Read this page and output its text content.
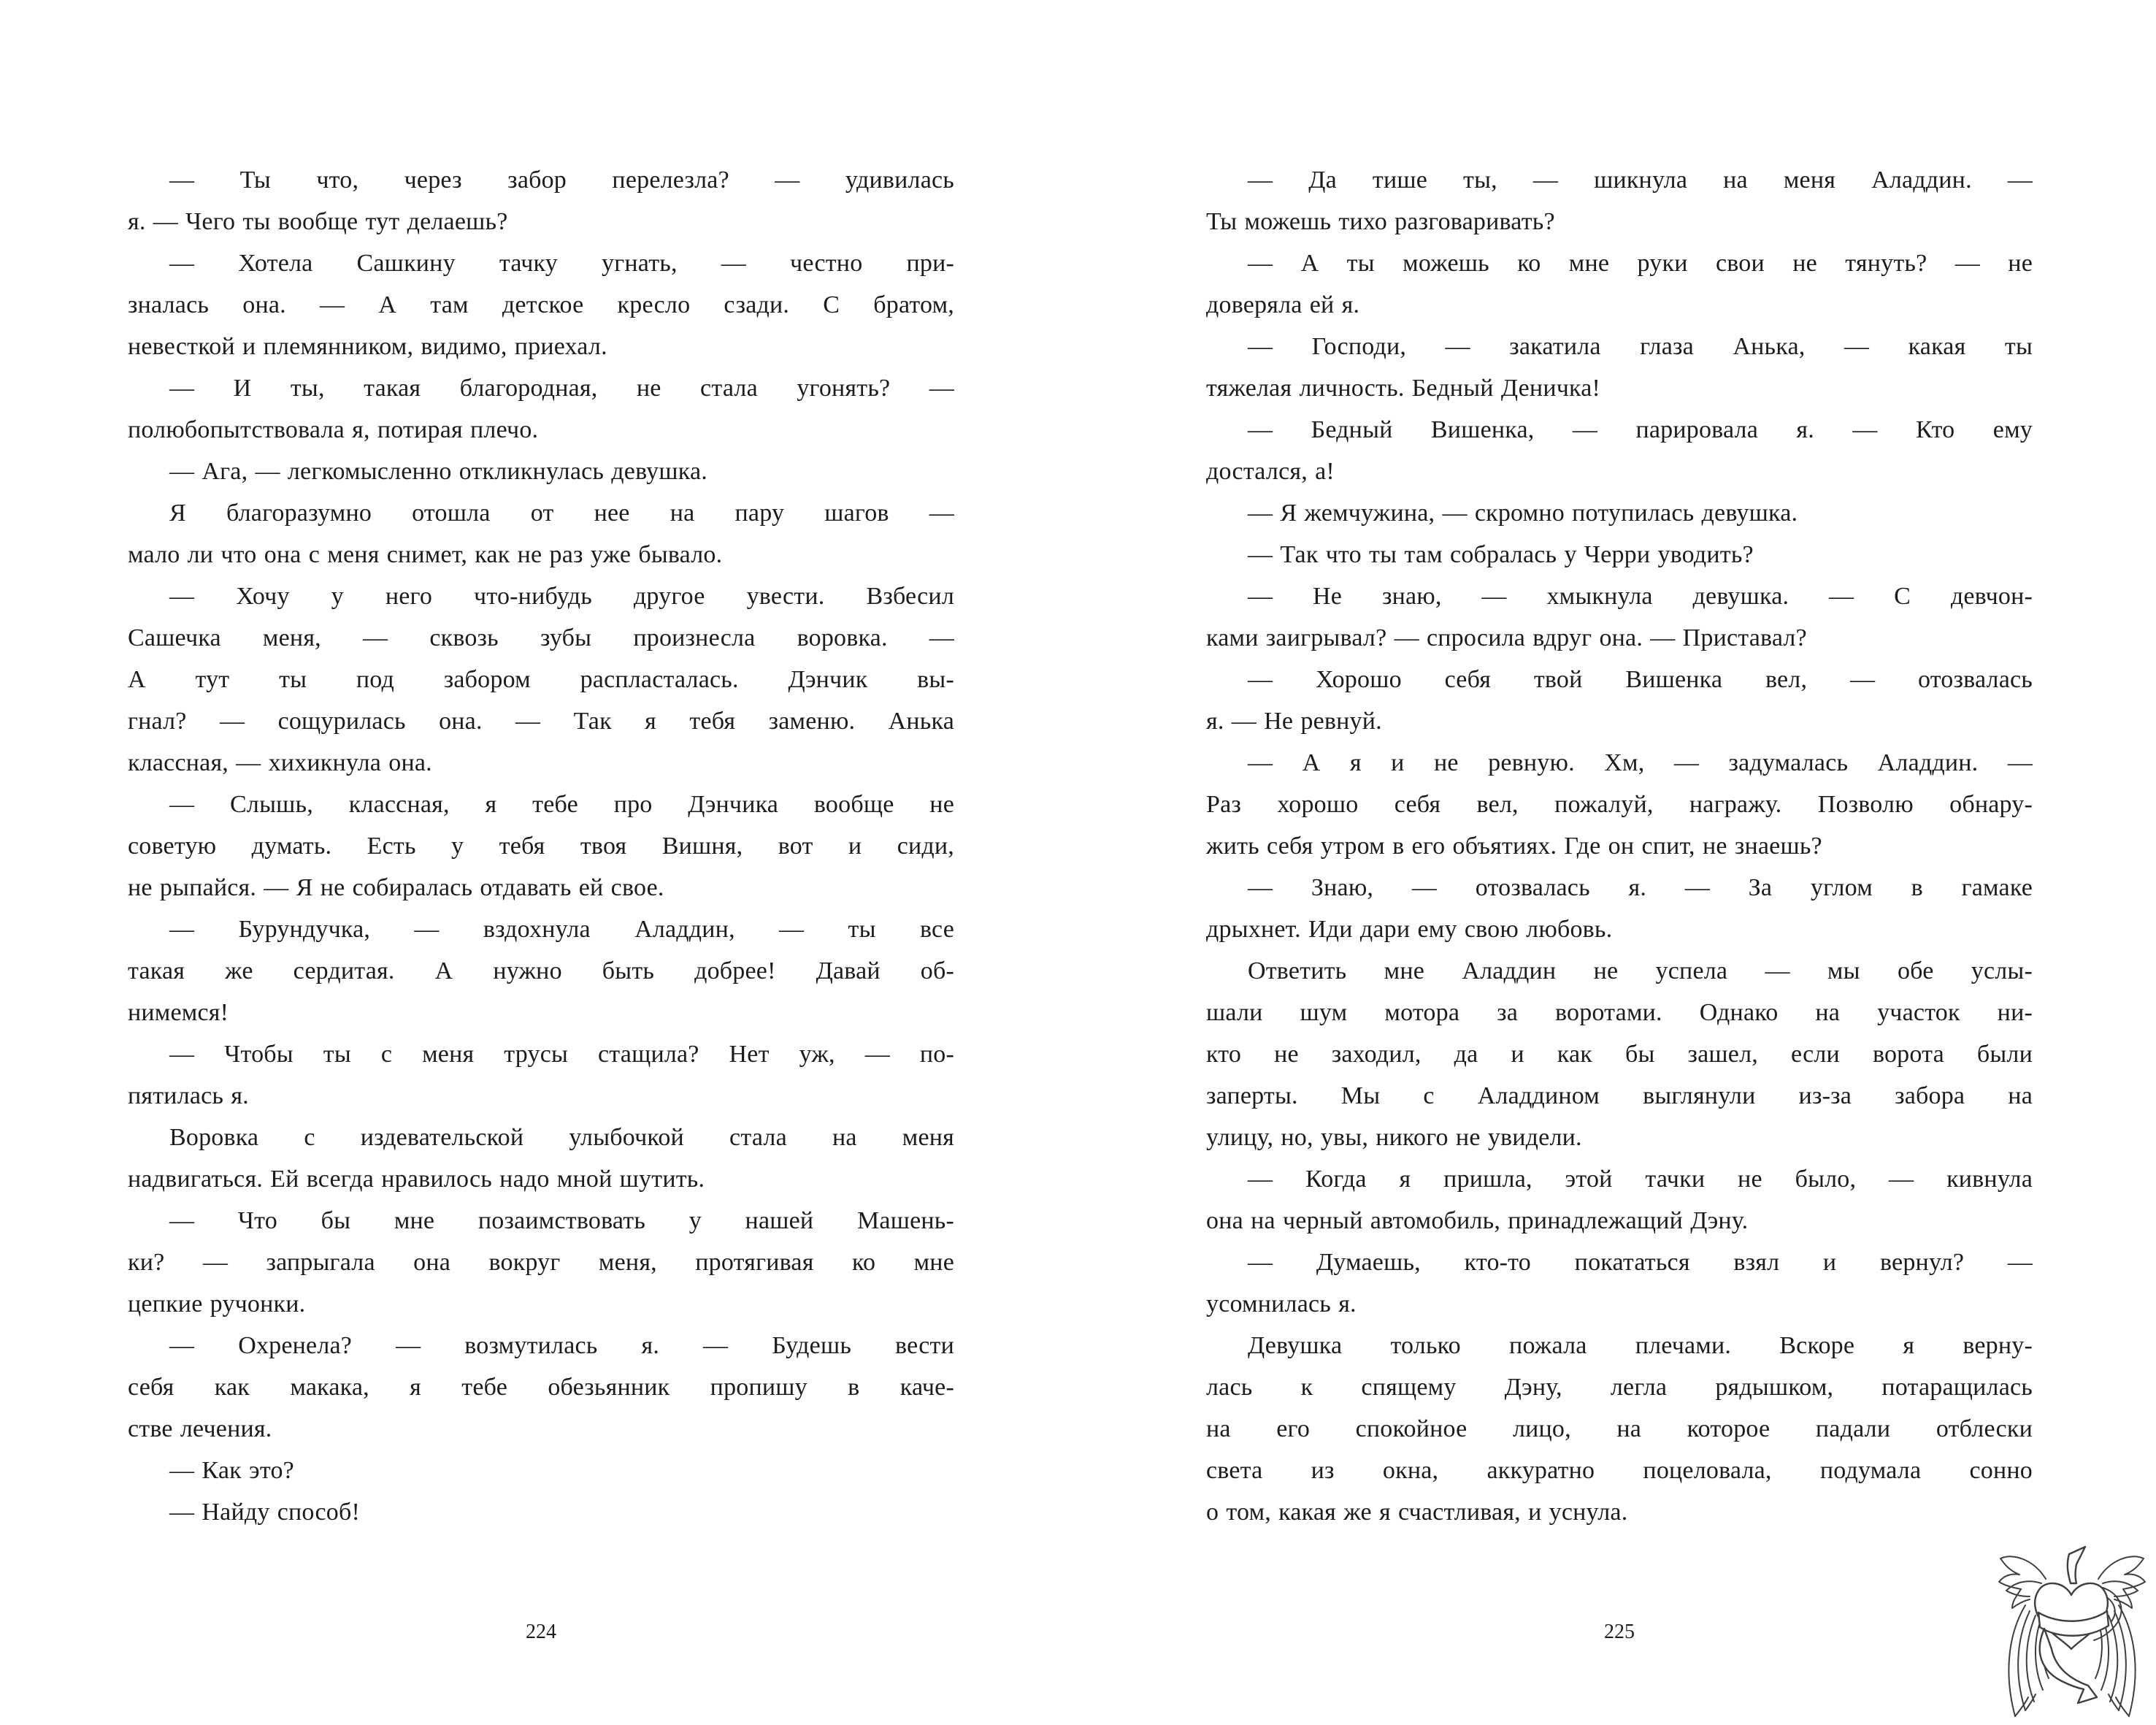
— Ты что, через забор перелезла? — удивилась
я. — Чего ты вообще тут делаешь?
— Хотела Сашкину тачку угнать, — честно при-
зналась она. — А там детское кресло сзади. С братом,
невесткой и племянником, видимо, приехал.
— И ты, такая благородная, не стала угонять? —
полюбопытствовала я, потирая плечо.
— Ага, — легкомысленно откликнулась девушка.
Я благоразумно отошла от нее на пару шагов —
мало ли что она с меня снимет, как не раз уже бывало.
— Хочу у него что-нибудь другое увести. Взбесил
Сашечка меня, — сквозь зубы произнесла воровка. —
А тут ты под забором распласталась. Дэнчик вы-
гнал? — сощурилась она. — Так я тебя заменю. Анька
классная, — хихикнула она.
— Слышь, классная, я тебе про Дэнчика вообще не
советую думать. Есть у тебя твоя Вишня, вот и сиди,
не рыпайся. — Я не собиралась отдавать ей свое.
— Бурундучка, — вздохнула Аладдин, — ты все
такая же сердитая. А нужно быть добрее! Давай об-
нимемся!
— Чтобы ты с меня трусы стащила? Нет уж, — по-
пятилась я.
Воровка с издевательской улыбочкой стала на меня
надвигаться. Ей всегда нравилось надо мной шутить.
— Что бы мне позаимствовать у нашей Машень-
ки? — запрыгала она вокруг меня, протягивая ко мне
цепкие ручонки.
— Охренела? — возмутилась я. — Будешь вести
себя как макака, я тебе обезьянник пропишу в каче-
стве лечения.
— Как это?
— Найду способ!
— Да тише ты, — шикнула на меня Аладдин. —
Ты можешь тихо разговаривать?
— А ты можешь ко мне руки свои не тянуть? — не
доверяла ей я.
— Господи, — закатила глаза Анька, — какая ты
тяжелая личность. Бедный Деничка!
— Бедный Вишенка, — парировала я. — Кто ему
достался, а!
— Я жемчужина, — скромно потупилась девушка.
— Так что ты там собралась у Черри уводить?
— Не знаю, — хмыкнула девушка. — С девчон-
ками заигрывал? — спросила вдруг она. — Приставал?
— Хорошо себя твой Вишенка вел, — отозвалась
я. — Не ревнуй.
— А я и не ревную. Хм, — задумалась Аладдин. —
Раз хорошо себя вел, пожалуй, награжу. Позволю обнару-
жить себя утром в его объятиях. Где он спит, не знаешь?
— Знаю, — отозвалась я. — За углом в гамаке
дрыхнет. Иди дари ему свою любовь.
Ответить мне Аладдин не успела — мы обе услы-
шали шум мотора за воротами. Однако на участок ни-
кто не заходил, да и как бы зашел, если ворота были
заперты. Мы с Аладдином выглянули из-за забора на
улицу, но, увы, никого не увидели.
— Когда я пришла, этой тачки не было, — кивнула
она на черный автомобиль, принадлежащий Дэну.
— Думаешь, кто-то покататься взял и вернул? —
усомнилась я.
Девушка только пожала плечами. Вскоре я верну-
лась к спящему Дэну, легла рядышком, потаращилась
на его спокойное лицо, на которое падали отблески
света из окна, аккуратно поцеловала, подумала сонно
о том, какая же я счастливая, и уснула.
224	225
